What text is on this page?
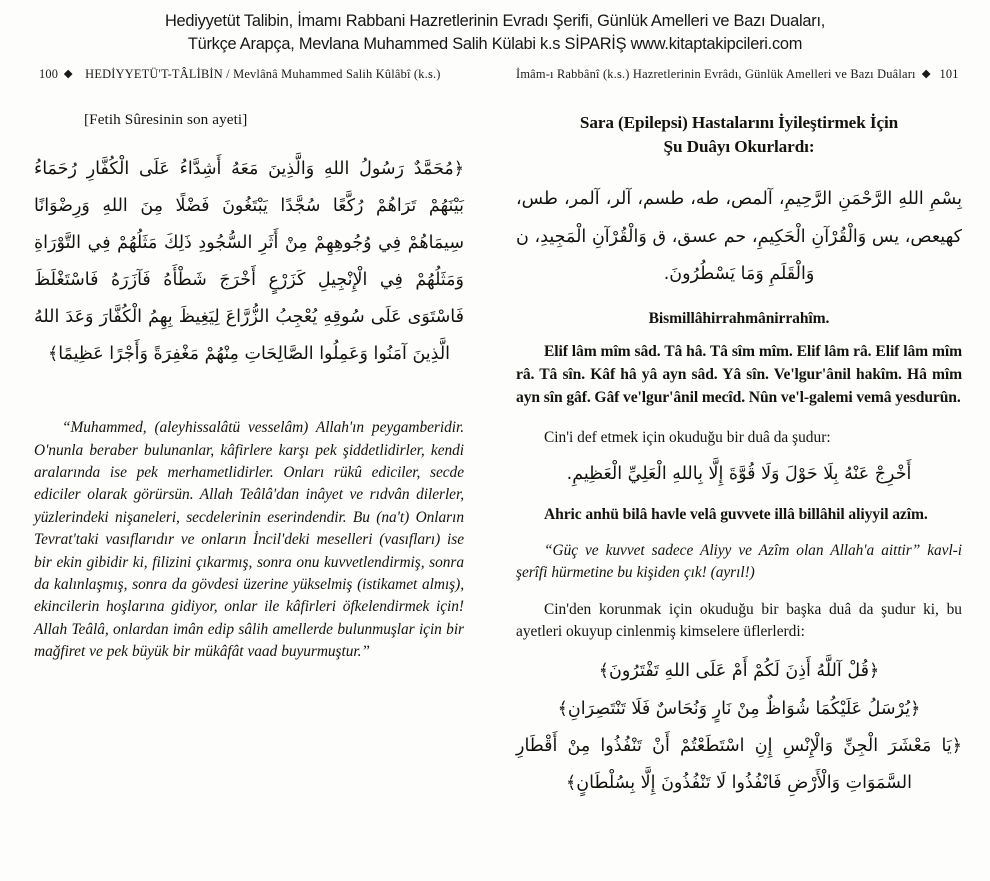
Hediyyetüt Talibin, İmamı Rabbani Hazretlerinin Evradı Şerifi, Günlük Amelleri ve Bazı Duaları,
Türkçe Arapça, Mevlana Muhammed Salih Külabi k.s SİPARİŞ www.kitaptakipcileri.com
100 ◆ HEDİYYETÜ'T-TÂLİBİN / Mevlânâ Muhammed Salih Kûlâbî (k.s.)
[Fetih Sûresinin son ayeti]
﴿مُحَمَّدٌ رَسُولُ اللهِ وَالَّذِينَ مَعَهُ أَشِدَّاءُ عَلَى الْكُفَّارِ رُحَمَاءُ بَيْنَهُمْ تَرَاهُمْ رُكَّعًا سُجَّدًا يَبْتَغُونَ فَضْلًا مِنَ اللهِ وَرِضْوَانًا سِيمَاهُمْ فِي وُجُوهِهِمْ مِنْ أَثَرِ السُّجُودِ ذَلِكَ مَثَلُهُمْ فِي التَّوْرَاةِ وَمَثَلُهُمْ فِي الْإِنْجِيلِ كَزَرْعٍ أَخْرَجَ شَطْأَهُ فَآزَرَهُ فَاسْتَغْلَظَ فَاسْتَوَى عَلَى سُوقِهِ يُعْجِبُ الزُّرَّاعَ لِيَغِيظَ بِهِمُ الْكُفَّارَ وَعَدَ اللهُ الَّذِينَ آمَنُوا وَعَمِلُوا الصَّالِحَاتِ مِنْهُمْ مَغْفِرَةً وَأَجْرًا عَظِيمًا﴾

“Muhammed, (aleyhissalâtü vesselâm) Allah'ın peygamberidir. O'nunla beraber bulunanlar, kâfirlere karşı pek şiddetlidirler, kendi aralarında ise pek merhametlidirler. Onları rükû ediciler, secde ediciler olarak görürsün. Allah Teâlâ'dan inâyet ve rıdvân dilerler, yüzlerindeki nişaneleri, secdelerinin eserindendir. Bu (na't) Onların Tevrat'taki vasıflarıdır ve onların İncil'deki meselleri (vasıfları) ise bir ekin gibidir ki, filizini çıkarmış, sonra onu kuvvetlendirmiş, sonra da kalınlaşmış, sonra da gövdesi üzerine yükselmiş (istikamet almış), ekincilerin hoşlarına gidiyor, onlar ile kâfirleri öfkelendirmek için! Allah Teâlâ, onlardan imân edip sâlih amellerde bulunmuşlar için bir mağfiret ve pek büyük bir mükâfât vaad buyurmuştur.”

İmâm-ı Rabbânî (k.s.) Hazretlerinin Evrâdı, Günlük Amelleri ve Bazı Duâları ◆ 101
Sara (Epilepsi) Hastalarını İyileştirmek İçin
Şu Duâyı Okurlardı:
بِسْمِ اللهِ الرَّحْمَنِ الرَّحِيمِ، آلمص، طه، طسم، آلر، آلمر، طس، كهيعص، يس وَالْقُرْآنِ الْحَكِيمِ، حم عسق، ق وَالْقُرْآنِ الْمَجِيدِ، ن وَالْقَلَمِ وَمَا يَسْطُرُونَ.

Bismillâhirrahmânirrahîm.

Elif lâm mîm sâd. Tâ hâ. Tâ sîm mîm. Elif lâm râ. Elif lâm mîm râ. Tâ sîn. Kâf hâ yâ ayn sâd. Yâ sîn. Ve'lgur'ânil hakîm. Hâ mîm ayn sîn gâf. Gâf ve'lgur'ânil mecîd. Nûn ve'l-galemi vemâ yesdurûn.

Cin'i def etmek için okuduğu bir duâ da şudur:

أَخْرِجْ عَنْهُ بِلَا حَوْلَ وَلَا قُوَّةَ إِلَّا بِاللهِ الْعَلِيِّ الْعَظِيمِ.

Ahric anhü bilâ havle velâ guvvete illâ billâhil aliyyil azîm.

“Güç ve kuvvet sadece Aliyy ve Azîm olan Allah'a aittir” kavl-i şerîfi hürmetine bu kişiden çık! (ayrıl!)

Cin'den korunmak için okuduğu bir başka duâ da şudur ki, bu ayetleri okuyup cinlenmiş kimselere üflerlerdi:

﴿قُلْ آللَّهُ أَذِنَ لَكُمْ أَمْ عَلَى اللهِ تَفْتَرُونَ﴾
﴿يُرْسَلُ عَلَيْكُمَا شُوَاظٌ مِنْ نَارٍ وَنُحَاسٌ فَلَا تَنْتَصِرَانِ﴾
﴿يَا مَعْشَرَ الْجِنِّ وَالْإِنْسِ إِنِ اسْتَطَعْتُمْ أَنْ تَنْفُذُوا مِنْ أَقْطَارِ السَّمَوَاتِ وَالْأَرْضِ فَانْفُذُوا لَا تَنْفُذُونَ إِلَّا بِسُلْطَانٍ﴾
